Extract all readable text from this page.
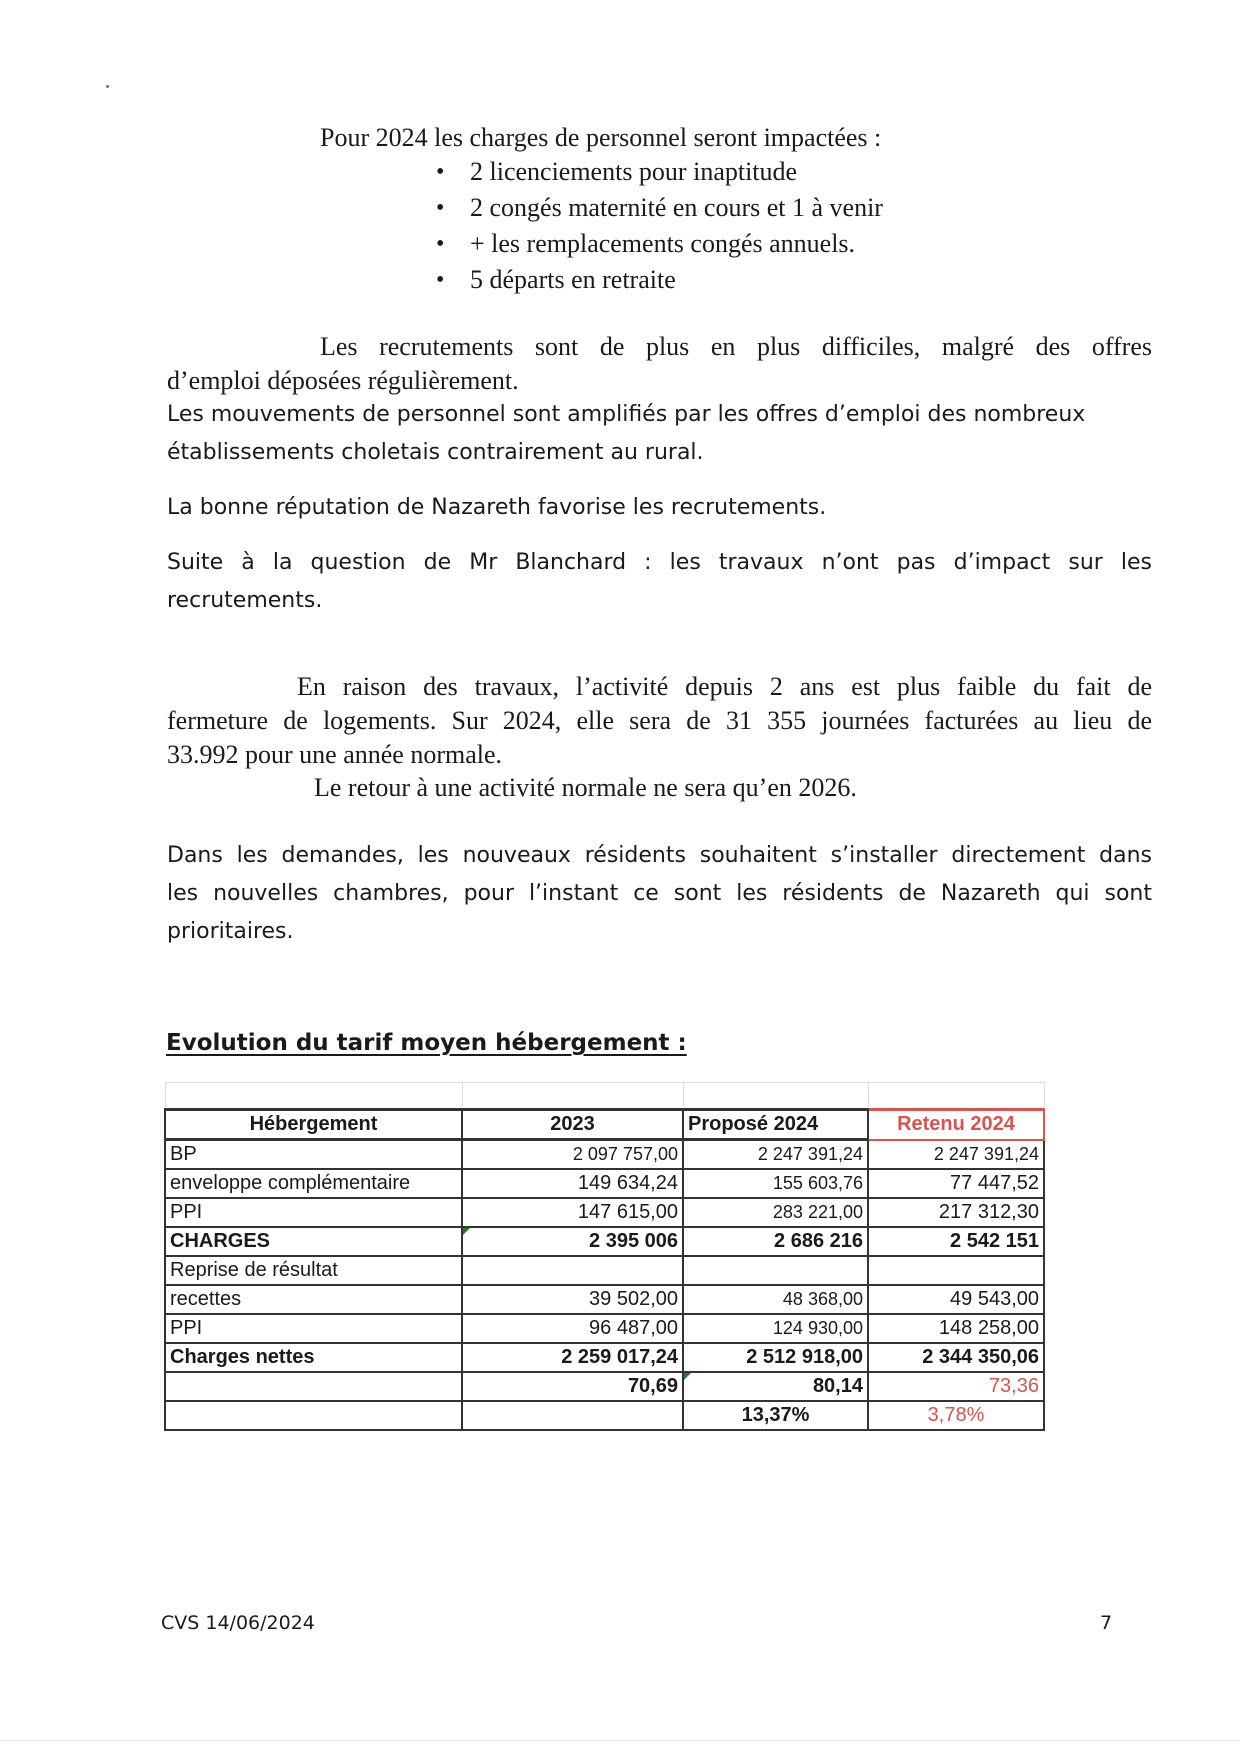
Pour 2024 les charges de personnel seront impactées :
• 2 licenciements pour inaptitude
• 2 congés maternité en cours et 1 à venir
• + les remplacements congés annuels.
• 5 départs en retraite
Les recrutements sont de plus en plus difficiles, malgré des offres
d’emploi déposées régulièrement.
Les mouvements de personnel sont amplifiés par les offres d’emploi des nombreux
établissements choletais contrairement au rural.
La bonne réputation de Nazareth favorise les recrutements.
Suite à la question de Mr Blanchard : les travaux n’ont pas d’impact sur les
recrutements.
En raison des travaux, l’activité depuis 2 ans est plus faible du fait de
fermeture de logements. Sur 2024, elle sera de 31 355 journées facturées au lieu de
33.992 pour une année normale.
Le retour à une activité normale ne sera qu’en 2026.
Dans les demandes, les nouveaux résidents souhaitent s’installer directement dans
les nouvelles chambres, pour l’instant ce sont les résidents de Nazareth qui sont
prioritaires.
Evolution du tarif moyen hébergement :
Hébergement	2023	Proposé 2024	Retenu 2024
BP	2 097 757,00	2 247 391,24	2 247 391,24
enveloppe complémentaire	149 634,24	155 603,76	77 447,52
PPI	147 615,00	283 221,00	217 312,30
CHARGES	2 395 006	2 686 216	2 542 151
Reprise de résultat			
recettes	39 502,00	48 368,00	49 543,00
PPI	96 487,00	124 930,00	148 258,00
Charges nettes	2 259 017,24	2 512 918,00	2 344 350,06
	70,69	80,14	73,36
		13,37%	3,78%
CVS 14/06/2024	7
